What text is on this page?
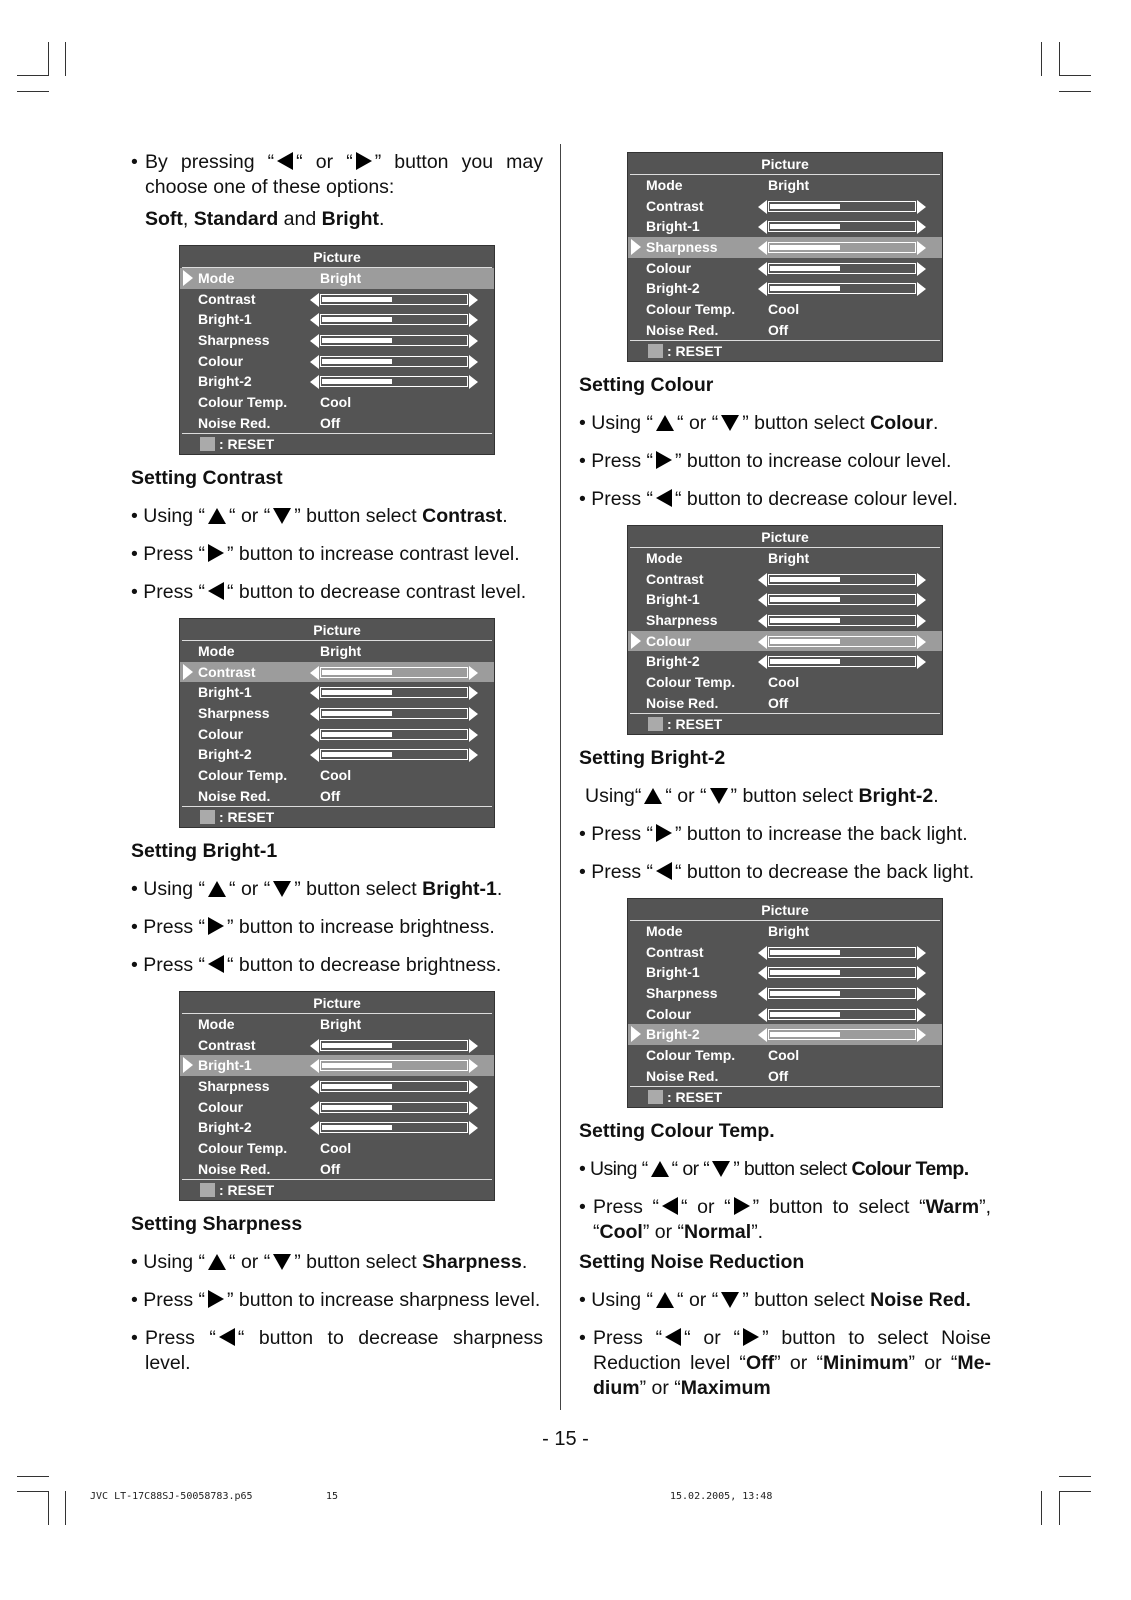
• By pressing “ “ or “ ” button you may choose one of these options:
Soft, Standard and Bright.
Picture
Mode	Bright
Contrast
Bright-1
Sharpness
Colour
Bright-2
Colour Temp. Cool
Noise Red.	Off
: RESET
Setting Contrast
• Using “ “ or “ ” button select Contrast.
• Press “ ” button to increase contrast level.
• Press “ “ button to decrease contrast level.
Picture
Mode	Bright
Contrast
Bright-1
Sharpness
Colour
Bright-2
Colour Temp. Cool
Noise Red.	Off
: RESET
Setting Bright-1
• Using “ “ or “ ” button select Bright-1.
• Press “ ” button to increase brightness.
• Press “ “ button to decrease brightness.
Picture
Mode	Bright
Contrast
Bright-1
Sharpness
Colour
Bright-2
Colour Temp. Cool
Noise Red.	Off
: RESET
Setting Sharpness
• Using “ “ or “ ” button select Sharpness.
• Press “ ” button to increase sharpness level.
• Press “ “ button to decrease sharpness level.
Picture
Mode	Bright
Contrast
Bright-1
Sharpness
Colour
Bright-2
Colour Temp. Cool
Noise Red.	Off
: RESET
Setting Colour
• Using “ “ or “ ” button select Colour.
• Press “ ” button to increase colour level.
• Press “ “ button to decrease colour level.
Picture
Mode	Bright
Contrast
Bright-1
Sharpness
Colour
Bright-2
Colour Temp. Cool
Noise Red.	Off
: RESET
Setting Bright-2
Using“ “ or “ ” button select Bright-2.
• Press “ ” button to increase the back light.
• Press “ “ button to decrease the back light.
Picture
Mode	Bright
Contrast
Bright-1
Sharpness
Colour
Bright-2
Colour Temp. Cool
Noise Red.	Off
: RESET
Setting Colour Temp.
• Using “ “ or “ ” button select Colour Temp.
• Press “ “ or “ ” button to select “Warm”, “Cool” or “Normal”.
Setting Noise Reduction
• Using “ “ or “ ” button select Noise Red.
• Press “ “ or “ ” button to select Noise Reduction level “Off” or “Minimum” or “Me-dium” or “Maximum
- 15 -
JVC LT-17C88SJ-50058783.p65	15	15.02.2005, 13:48
